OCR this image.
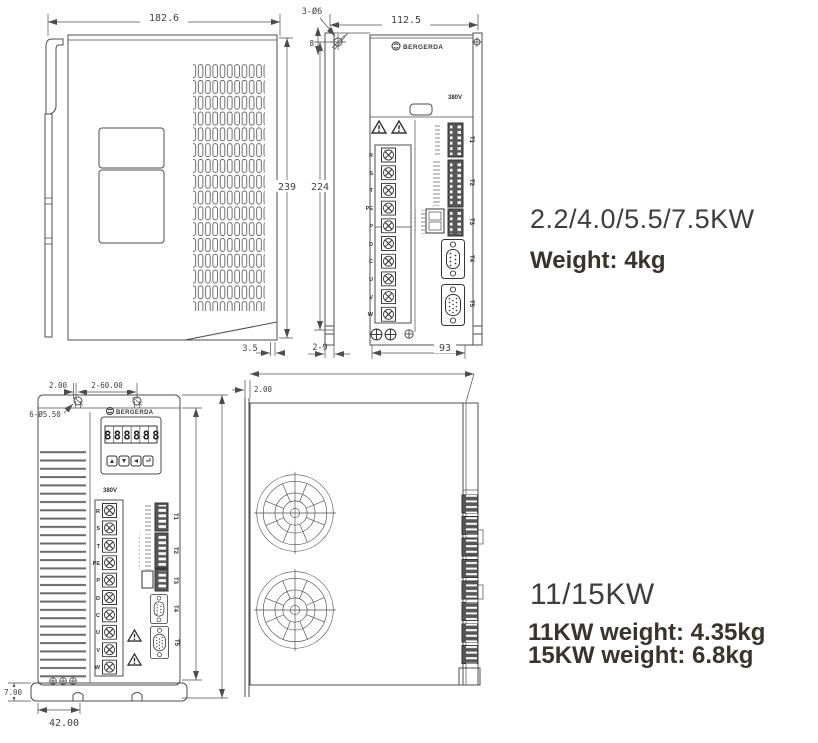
182.6
239
3.5
3-Ø6
8
112.5
BERGERDA
380V
R
S
T
PE
P
D
C
U
V
W
T1
T2
T3
T4
T5
224
2-9	93
2.00	2-60.00
6-Ø5.50	BERGERDA
888888
380V
R
S
T
PE
P
D
C
U
V
W
T1
T2
T3
T4
T5
7.00
42.00
2.00
2.2/4.0/5.5/7.5KW
Weight: 4kg
11/15KW
11KW weight: 4.35kg
15KW weight: 6.8kg
